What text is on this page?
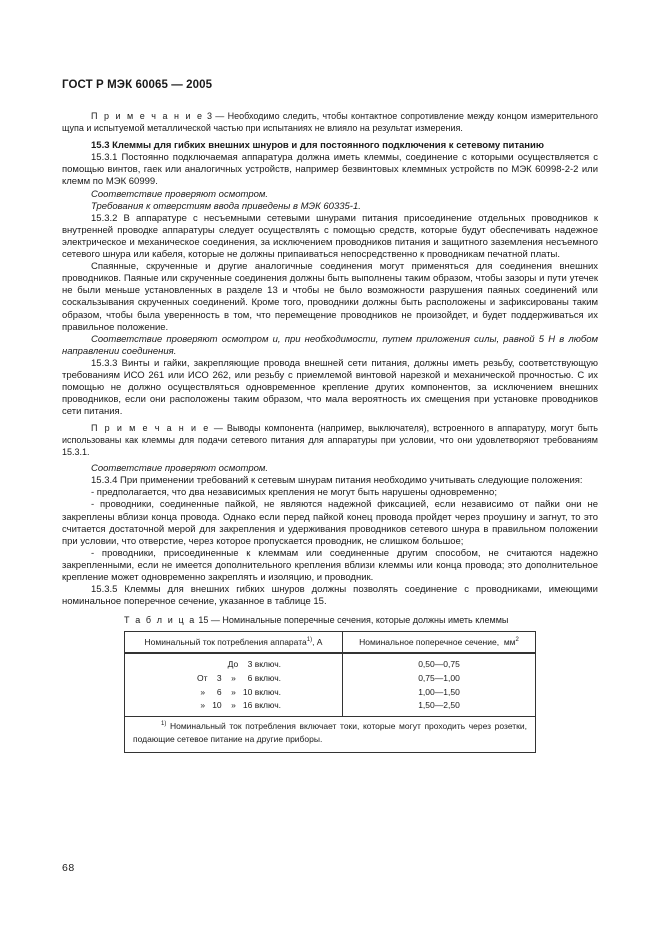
ГОСТ Р МЭК 60065 — 2005

П р и м е ч а н и е 3 — Необходимо следить, чтобы контактное сопротивление между концом измерительного щупа и испытуемой металлической частью при испытаниях не влияло на результат измерения.

15.3 Клеммы для гибких внешних шнуров и для постоянного подключения к сетевому питанию

15.3.1 Постоянно подключаемая аппаратура должна иметь клеммы, соединение с которыми осуществляется с помощью винтов, гаек или аналогичных устройств, например безвинтовых клеммных устройств по МЭК 60998-2-2 или клемм по МЭК 60999.

Соответствие проверяют осмотром.

Требования к отверстиям ввода приведены в МЭК 60335-1.

15.3.2 В аппаратуре с несъемными сетевыми шнурами питания присоединение отдельных проводников к внутренней проводке аппаратуры следует осуществлять с помощью средств, которые будут обеспечивать надежное электрическое и механическое соединения, за исключением проводников питания и защитного заземления несъемного сетевого шнура или кабеля, которые не должны припаиваться непосредственно к проводникам печатной платы.

Спаянные, скрученные и другие аналогичные соединения могут применяться для соединения внешних проводников. Паяные или скрученные соединения должны быть выполнены таким образом, чтобы зазоры и пути утечек не были меньше установленных в разделе 13 и чтобы не было возможности разрушения паяных соединений или соскальзывания скрученных соединений. Кроме того, проводники должны быть расположены и зафиксированы таким образом, чтобы была уверенность в том, что перемещение проводников не произойдет, и будет поддерживаться их правильное положение.

Соответствие проверяют осмотром и, при необходимости, путем приложения силы, равной 5 Н в любом направлении соединения.

15.3.3 Винты и гайки, закрепляющие провода внешней сети питания, должны иметь резьбу, соответствующую требованиям ИСО 261 или ИСО 262, или резьбу с приемлемой винтовой нарезкой и механической прочностью. С их помощью не должно осуществляться одновременное крепление других компонентов, за исключением внешних проводников, если они расположены таким образом, что мала вероятность их смещения при установке проводников сети питания.

П р и м е ч а н и е — Выводы компонента (например, выключателя), встроенного в аппаратуру, могут быть использованы как клеммы для подачи сетевого питания для аппаратуры при условии, что они удовлетворяют требованиям 15.3.1.

Соответствие проверяют осмотром.

15.3.4 При применении требований к сетевым шнурам питания необходимо учитывать следующие положения:

- предполагается, что два независимых крепления не могут быть нарушены одновременно;

- проводники, соединенные пайкой, не являются надежной фиксацией, если независимо от пайки они не закреплены вблизи конца провода. Однако если перед пайкой конец провода пройдет через проушину и загнут, то это считается достаточной мерой для закрепления и удерживания проводников сетевого шнура в правильном положении при условии, что отверстие, через которое пропускается проводник, не слишком большое;

- проводники, присоединенные к клеммам или соединенные другим способом, не считаются надежно закрепленными, если не имеется дополнительного крепления вблизи клеммы или конца провода; это дополнительное крепление может одновременно закреплять и изоляцию, и проводник.

15.3.5 Клеммы для внешних гибких шнуров должны позволять соединение с проводниками, имеющими номинальное поперечное сечение, указанное в таблице 15.

Т а б л и ц а 15 — Номинальные поперечные сечения, которые должны иметь клеммы

Номинальный ток потребления аппарата$^{1)}$, А	Номинальное поперечное сечение, $мм^2$
До    3 включ.	0,50—0,75
От    3    »     6 включ.	0,75—1,00
»     6    »   10 включ.	1,00—1,50
»   10    »   16 включ.	1,50—2,50
$^{1)}$ Номинальный ток потребления включает токи, которые могут проходить через розетки, подающие сетевое питание на другие приборы.	
68
